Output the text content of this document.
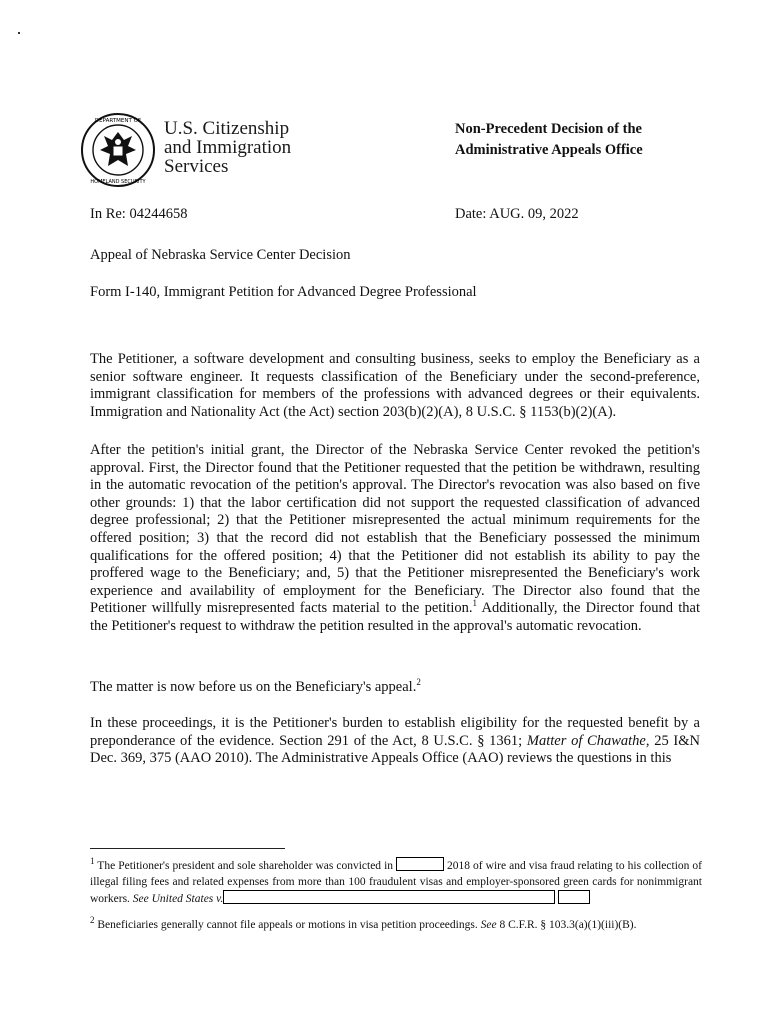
DEPARTMENT OF
HOMELAND SECURITY
U.S. Citizenship
and Immigration
Services
Non-Precedent Decision of the
Administrative Appeals Office
In Re: 04244658	Date: AUG. 09, 2022
Appeal of Nebraska Service Center Decision
Form I-140, Immigrant Petition for Advanced Degree Professional

The Petitioner, a software development and consulting business, seeks to employ the Beneficiary as a senior software engineer. It requests classification of the Beneficiary under the second-preference, immigrant classification for members of the professions with advanced degrees or their equivalents. Immigration and Nationality Act (the Act) section 203(b)(2)(A), 8 U.S.C. § 1153(b)(2)(A).

After the petition's initial grant, the Director of the Nebraska Service Center revoked the petition's approval. First, the Director found that the Petitioner requested that the petition be withdrawn, resulting in the automatic revocation of the petition's approval. The Director's revocation was also based on five other grounds: 1) that the labor certification did not support the requested classification of advanced degree professional; 2) that the Petitioner misrepresented the actual minimum requirements for the offered position; 3) that the record did not establish that the Beneficiary possessed the minimum qualifications for the offered position; 4) that the Petitioner did not establish its ability to pay the proffered wage to the Beneficiary; and, 5) that the Petitioner misrepresented the Beneficiary's work experience and availability of employment for the Beneficiary. The Director also found that the Petitioner willfully misrepresented facts material to the petition.$^1$ Additionally, the Director found that the Petitioner's request to withdraw the petition resulted in the approval's automatic revocation.

The matter is now before us on the Beneficiary's appeal.$^2$

In these proceedings, it is the Petitioner's burden to establish eligibility for the requested benefit by a preponderance of the evidence. Section 291 of the Act, 8 U.S.C. § 1361; Matter of Chawathe, 25 I&N Dec. 369, 375 (AAO 2010). The Administrative Appeals Office (AAO) reviews the questions in this

$^1$ The Petitioner's president and sole shareholder was convicted in	2018 of wire and visa fraud relating to his collection of illegal filing fees and related expenses from more than 100 fraudulent visas and employer-sponsored green cards for nonimmigrant workers. See United States v.

$^2$ Beneficiaries generally cannot file appeals or motions in visa petition proceedings. See 8 C.F.R. § 103.3(a)(1)(iii)(B).
